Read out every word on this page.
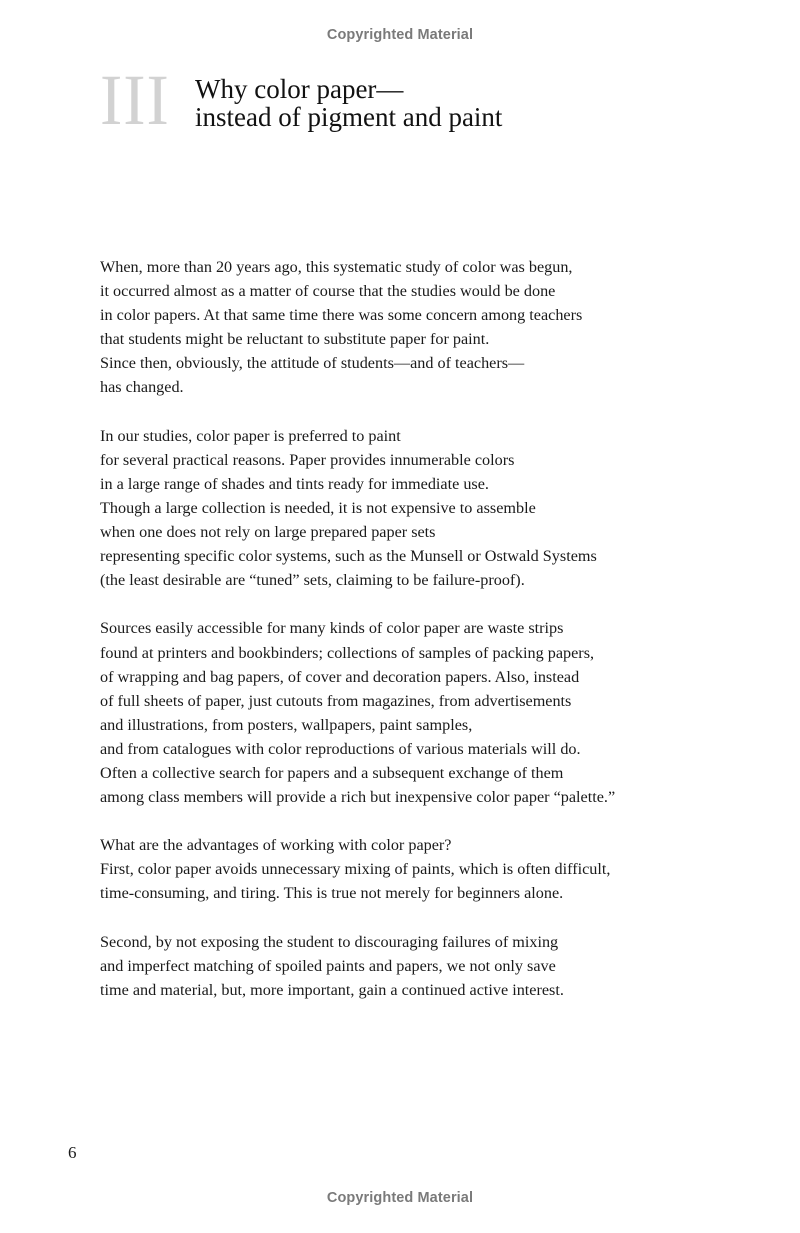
Copyrighted Material
III Why color paper—
instead of pigment and paint
When, more than 20 years ago, this systematic study of color was begun,
it occurred almost as a matter of course that the studies would be done
in color papers. At that same time there was some concern among teachers
that students might be reluctant to substitute paper for paint.
Since then, obviously, the attitude of students—and of teachers—
has changed.
In our studies, color paper is preferred to paint
for several practical reasons. Paper provides innumerable colors
in a large range of shades and tints ready for immediate use.
Though a large collection is needed, it is not expensive to assemble
when one does not rely on large prepared paper sets
representing specific color systems, such as the Munsell or Ostwald Systems
(the least desirable are “tuned” sets, claiming to be failure-proof).
Sources easily accessible for many kinds of color paper are waste strips
found at printers and bookbinders; collections of samples of packing papers,
of wrapping and bag papers, of cover and decoration papers. Also, instead
of full sheets of paper, just cutouts from magazines, from advertisements
and illustrations, from posters, wallpapers, paint samples,
and from catalogues with color reproductions of various materials will do.
Often a collective search for papers and a subsequent exchange of them
among class members will provide a rich but inexpensive color paper “palette.”
What are the advantages of working with color paper?
First, color paper avoids unnecessary mixing of paints, which is often difficult,
time-consuming, and tiring. This is true not merely for beginners alone.
Second, by not exposing the student to discouraging failures of mixing
and imperfect matching of spoiled paints and papers, we not only save
time and material, but, more important, gain a continued active interest.
6
Copyrighted Material
